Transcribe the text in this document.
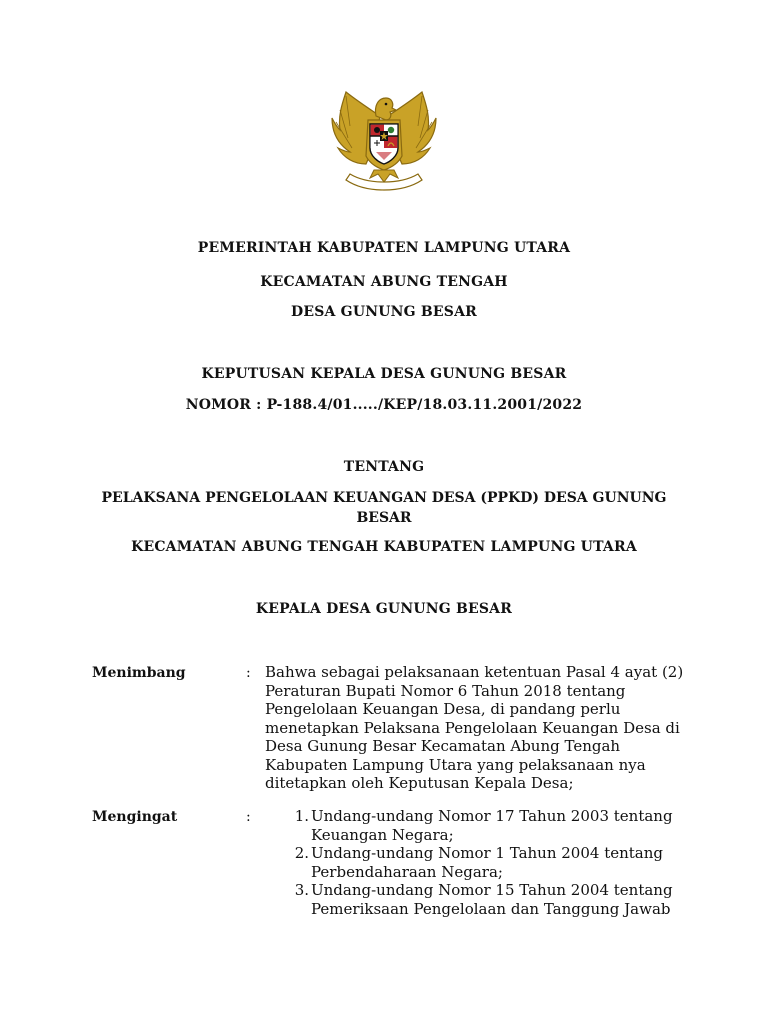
PEMERINTAH KABUPATEN LAMPUNG UTARA
KECAMATAN ABUNG TENGAH
DESA GUNUNG BESAR
KEPUTUSAN KEPALA DESA GUNUNG BESAR
NOMOR : P-188.4/01...../KEP/18.03.11.2001/2022
TENTANG
PELAKSANA PENGELOLAAN KEUANGAN DESA (PPKD) DESA GUNUNG BESAR
KECAMATAN ABUNG TENGAH KABUPATEN LAMPUNG UTARA
KEPALA DESA GUNUNG BESAR
Menimbang	: Bahwa sebagai pelaksanaan ketentuan Pasal 4 ayat (2) Peraturan Bupati Nomor 6 Tahun 2018 tentang Pengelolaan Keuangan Desa, di pandang perlu menetapkan Pelaksana Pengelolaan Keuangan Desa di Desa Gunung Besar Kecamatan Abung Tengah Kabupaten Lampung Utara yang pelaksanaan nya ditetapkan oleh Keputusan Kepala Desa;
Mengingat	:	1. Undang-undang Nomor 17 Tahun 2003 tentang Keuangan Negara;
2. Undang-undang Nomor 1 Tahun 2004 tentang Perbendaharaan Negara;
3. Undang-undang Nomor 15 Tahun 2004 tentang Pemeriksaan Pengelolaan dan Tanggung Jawab
